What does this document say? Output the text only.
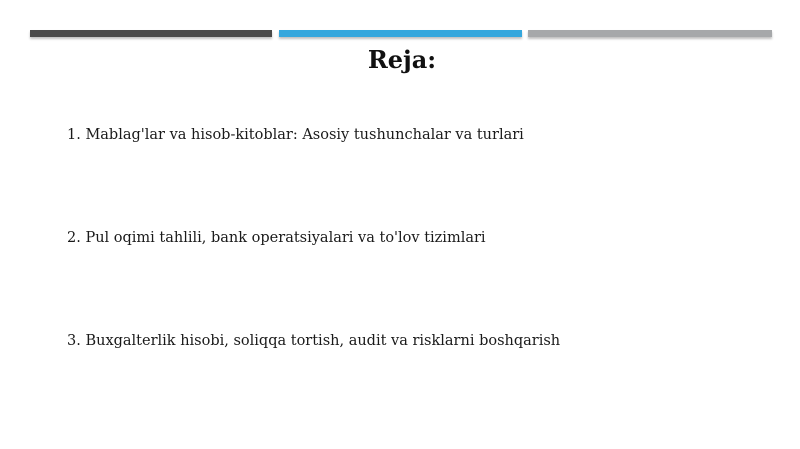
Reja:
1. Mablag'lar va hisob-kitoblar: Asosiy tushunchalar va turlari
2. Pul oqimi tahlili, bank operatsiyalari va to'lov tizimlari
3. Buxgalterlik hisobi, soliqqa tortish, audit va risklarni boshqarish
